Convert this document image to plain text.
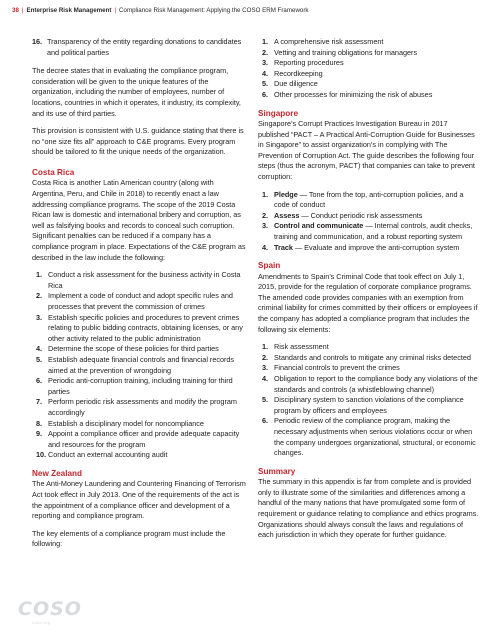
38 | Enterprise Risk Management | Compliance Risk Management: Applying the COSO ERM Framework
16. Transparency of the entity regarding donations to candidates and political parties

The decree states that in evaluating the compliance program, consideration will be given to the unique features of the organization, including the number of employees, number of locations, countries in which it operates, it industry, its complexity, and its use of third parties.

This provision is consistent with U.S. guidance stating that there is no “one size fits all” approach to C&E programs. Every program should be tailored to fit the unique needs of the organization.

Costa Rica

Costa Rica is another Latin American country (along with Argentina, Peru, and Chile in 2018) to recently enact a law addressing compliance programs. The scope of the 2019 Costa Rican law is domestic and international bribery and corruption, as well as falsifying books and records to conceal such corruption. Significant penalties can be reduced if a company has a compliance program in place. Expectations of the C&E program as described in the law include the following:

1. Conduct a risk assessment for the business activity in Costa Rica
2. Implement a code of conduct and adopt specific rules and processes that prevent the commission of crimes
3. Establish specific policies and procedures to prevent crimes relating to public bidding contracts, obtaining licenses, or any other activity related to the public administration
4. Determine the scope of these policies for third parties
5. Establish adequate financial controls and financial records aimed at the prevention of wrongdoing
6. Periodic anti-corruption training, including training for third parties
7. Perform periodic risk assessments and modify the program accordingly
8. Establish a disciplinary model for noncompliance
9. Appoint a compliance officer and provide adequate capacity and resources for the program
10. Conduct an external accounting audit
New Zealand

The Anti-Money Laundering and Countering Financing of Terrorism Act took effect in July 2013. One of the requirements of the act is the appointment of a compliance officer and development of a reporting and compliance program.

The key elements of a compliance program must include the following:

1. A comprehensive risk assessment
2. Vetting and training obligations for managers
3. Reporting procedures
4. Recordkeeping
5. Due diligence
6. Other processes for minimizing the risk of abuses
Singapore

Singapore’s Corrupt Practices Investigation Bureau in 2017 published “PACT – A Practical Anti-Corruption Guide for Businesses in Singapore” to assist organization’s in complying with The Prevention of Corruption Act. The guide describes the following four steps (thus the acronym, PACT) that companies can take to prevent corruption:

1. Pledge — Tone from the top, anti-corruption policies, and a code of conduct
2. Assess — Conduct periodic risk assessments
3. Control and communicate — Internal controls, audit checks, training and communication, and a robust reporting system
4. Track — Evaluate and improve the anti-corruption system
Spain

Amendments to Spain’s Criminal Code that took effect on July 1, 2015, provide for the regulation of corporate compliance programs. The amended code provides companies with an exemption from criminal liability for crimes committed by their officers or employees if the company has adopted a compliance program that includes the following six elements:

1. Risk assessment
2. Standards and controls to mitigate any criminal risks detected
3. Financial controls to prevent the crimes
4. Obligation to report to the compliance body any violations of the standards and controls (a whistleblowing channel)
5. Disciplinary system to sanction violations of the compliance program by officers and employees
6. Periodic review of the compliance program, making the necessary adjustments when serious violations occur or when the company undergoes organizational, structural, or economic changes.
Summary

The summary in this appendix is far from complete and is provided only to illustrate some of the similarities and differences among a handful of the many nations that have promulgated some form of requirement or guidance relating to compliance and ethics programs. Organizations should always consult the laws and regulations of each jurisdiction in which they operate for further guidance.

COSO
coso.org
